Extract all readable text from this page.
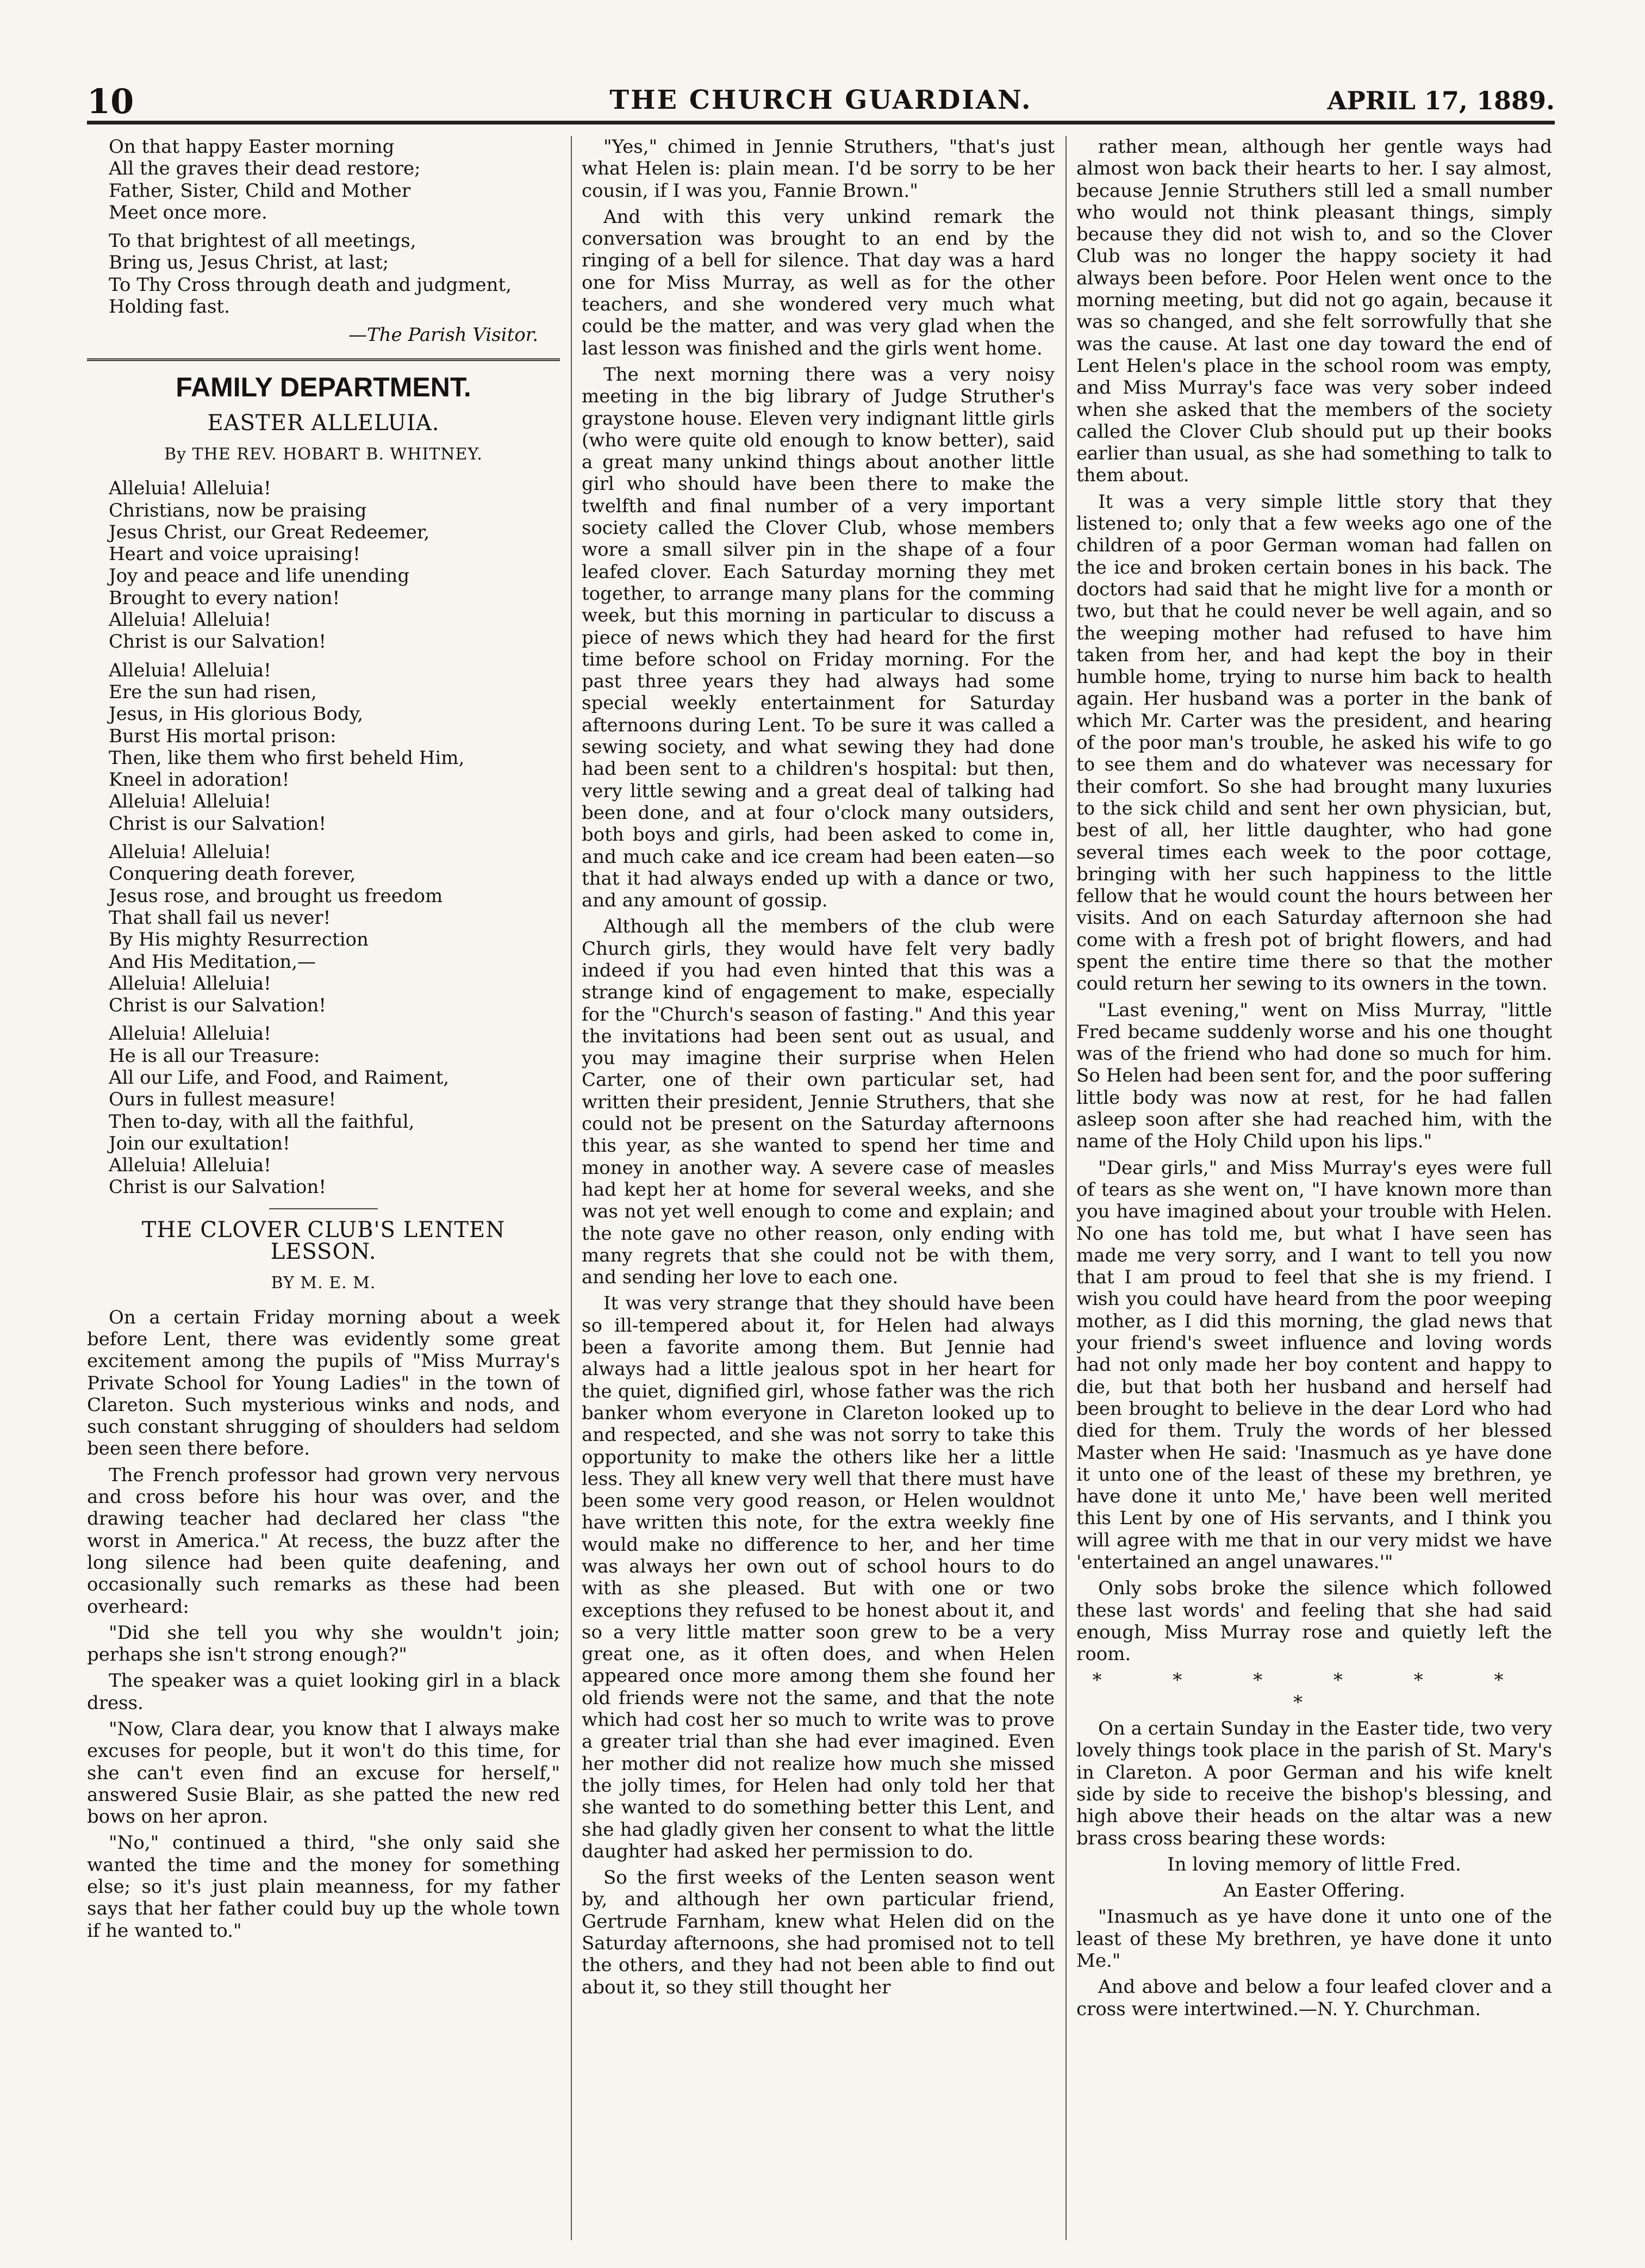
10	THE CHURCH GUARDIAN.	APRIL 17, 1889.

On that happy Easter morning
All the graves their dead restore;
Father, Sister, Child and Mother
Meet once more.

To that brightest of all meetings,
Bring us, Jesus Christ, at last;
To Thy Cross through death and judgment,
Holding fast.

—The Parish Visitor.

FAMILY DEPARTMENT.
EASTER ALLELUIA.
By THE REV. HOBART B. WHITNEY.

Alleluia! Alleluia!
Christians, now be praising
Jesus Christ, our Great Redeemer,
Heart and voice upraising!
Joy and peace and life unending
Brought to every nation!
Alleluia! Alleluia!
Christ is our Salvation!

Alleluia! Alleluia!
Ere the sun had risen,
Jesus, in His glorious Body,
Burst His mortal prison:
Then, like them who first beheld Him,
Kneel in adoration!
Alleluia! Alleluia!
Christ is our Salvation!

Alleluia! Alleluia!
Conquering death forever,
Jesus rose, and brought us freedom
That shall fail us never!
By His mighty Resurrection
And His Meditation,—
Alleluia! Alleluia!
Christ is our Salvation!

Alleluia! Alleluia!
He is all our Treasure:
All our Life, and Food, and Raiment,
Ours in fullest measure!
Then to-day, with all the faithful,
Join our exultation!
Alleluia! Alleluia!
Christ is our Salvation!

THE CLOVER CLUB'S LENTEN LESSON.
BY M. E. M.

On a certain Friday morning about a week before Lent, there was evidently some great excitement among the pupils of "Miss Murray's Private School for Young Ladies" in the town of Clareton. Such mysterious winks and nods, and such constant shrugging of shoulders had seldom been seen there before.

The French professor had grown very nervous and cross before his hour was over, and the drawing teacher had declared her class "the worst in America." At recess, the buzz after the long silence had been quite deafening, and occasionally such remarks as these had been overheard:

"Did she tell you why she wouldn't join; perhaps she isn't strong enough?"

The speaker was a quiet looking girl in a black dress.

"Now, Clara dear, you know that I always make excuses for people, but it won't do this time, for she can't even find an excuse for herself," answered Susie Blair, as she patted the new red bows on her apron.

"No," continued a third, "she only said she wanted the time and the money for something else; so it's just plain meanness, for my father says that her father could buy up the whole town if he wanted to."

"Yes," chimed in Jennie Struthers, "that's just what Helen is: plain mean. I'd be sorry to be her cousin, if I was you, Fannie Brown."

And with this very unkind remark the conversation was brought to an end by the ringing of a bell for silence. That day was a hard one for Miss Murray, as well as for the other teachers, and she wondered very much what could be the matter, and was very glad when the last lesson was finished and the girls went home.

The next morning there was a very noisy meeting in the big library of Judge Struther's graystone house. Eleven very indignant little girls (who were quite old enough to know better), said a great many unkind things about another little girl who should have been there to make the twelfth and final number of a very important society called the Clover Club, whose members wore a small silver pin in the shape of a four leafed clover. Each Saturday morning they met together, to arrange many plans for the comming week, but this morning in particular to discuss a piece of news which they had heard for the first time before school on Friday morning. For the past three years they had always had some special weekly entertainment for Saturday afternoons during Lent. To be sure it was called a sewing society, and what sewing they had done had been sent to a children's hospital: but then, very little sewing and a great deal of talking had been done, and at four o'clock many outsiders, both boys and girls, had been asked to come in, and much cake and ice cream had been eaten—so that it had always ended up with a dance or two, and any amount of gossip.

Although all the members of the club were Church girls, they would have felt very badly indeed if you had even hinted that this was a strange kind of engagement to make, especially for the "Church's season of fasting." And this year the invitations had been sent out as usual, and you may imagine their surprise when Helen Carter, one of their own particular set, had written their president, Jennie Struthers, that she could not be present on the Saturday afternoons this year, as she wanted to spend her time and money in another way. A severe case of measles had kept her at home for several weeks, and she was not yet well enough to come and explain; and the note gave no other reason, only ending with many regrets that she could not be with them, and sending her love to each one.

It was very strange that they should have been so ill-tempered about it, for Helen had always been a favorite among them. But Jennie had always had a little jealous spot in her heart for the quiet, dignified girl, whose father was the rich banker whom everyone in Clareton looked up to and respected, and she was not sorry to take this opportunity to make the others like her a little less. They all knew very well that there must have been some very good reason, or Helen wouldnot have written this note, for the extra weekly fine would make no difference to her, and her time was always her own out of school hours to do with as she pleased. But with one or two exceptions they refused to be honest about it, and so a very little matter soon grew to be a very great one, as it often does, and when Helen appeared once more among them she found her old friends were not the same, and that the note which had cost her so much to write was to prove a greater trial than she had ever imagined. Even her mother did not realize how much she missed the jolly times, for Helen had only told her that she wanted to do something better this Lent, and she had gladly given her consent to what the little daughter had asked her permission to do.

So the first weeks of the Lenten season went by, and although her own particular friend, Gertrude Farnham, knew what Helen did on the Saturday afternoons, she had promised not to tell the others, and they had not been able to find out about it, so they still thought her

rather mean, although her gentle ways had almost won back their hearts to her. I say almost, because Jennie Struthers still led a small number who would not think pleasant things, simply because they did not wish to, and so the Clover Club was no longer the happy society it had always been before. Poor Helen went once to the morning meeting, but did not go again, because it was so changed, and she felt sorrowfully that she was the cause. At last one day toward the end of Lent Helen's place in the school room was empty, and Miss Murray's face was very sober indeed when she asked that the members of the society called the Clover Club should put up their books earlier than usual, as she had something to talk to them about.

It was a very simple little story that they listened to; only that a few weeks ago one of the children of a poor German woman had fallen on the ice and broken certain bones in his back. The doctors had said that he might live for a month or two, but that he could never be well again, and so the weeping mother had refused to have him taken from her, and had kept the boy in their humble home, trying to nurse him back to health again. Her husband was a porter in the bank of which Mr. Carter was the president, and hearing of the poor man's trouble, he asked his wife to go to see them and do whatever was necessary for their comfort. So she had brought many luxuries to the sick child and sent her own physician, but, best of all, her little daughter, who had gone several times each week to the poor cottage, bringing with her such happiness to the little fellow that he would count the hours between her visits. And on each Saturday afternoon she had come with a fresh pot of bright flowers, and had spent the entire time there so that the mother could return her sewing to its owners in the town.

"Last evening," went on Miss Murray, "little Fred became suddenly worse and his one thought was of the friend who had done so much for him. So Helen had been sent for, and the poor suffering little body was now at rest, for he had fallen asleep soon after she had reached him, with the name of the Holy Child upon his lips."

"Dear girls," and Miss Murray's eyes were full of tears as she went on, "I have known more than you have imagined about your trouble with Helen. No one has told me, but what I have seen has made me very sorry, and I want to tell you now that I am proud to feel that she is my friend. I wish you could have heard from the poor weeping mother, as I did this morning, the glad news that your friend's sweet influence and loving words had not only made her boy content and happy to die, but that both her husband and herself had been brought to believe in the dear Lord who had died for them. Truly the words of her blessed Master when He said: 'Inasmuch as ye have done it unto one of the least of these my brethren, ye have done it unto Me,' have been well merited this Lent by one of His servants, and I think you will agree with me that in our very midst we have 'entertained an angel unawares.'"

Only sobs broke the silence which followed these last words' and feeling that she had said enough, Miss Murray rose and quietly left the room.

* * * * * * *

On a certain Sunday in the Easter tide, two very lovely things took place in the parish of St. Mary's in Clareton. A poor German and his wife knelt side by side to receive the bishop's blessing, and high above their heads on the altar was a new brass cross bearing these words:

In loving memory of little Fred.

An Easter Offering.

"Inasmuch as ye have done it unto one of the least of these My brethren, ye have done it unto Me."

And above and below a four leafed clover and a cross were intertwined.—N. Y. Churchman.
